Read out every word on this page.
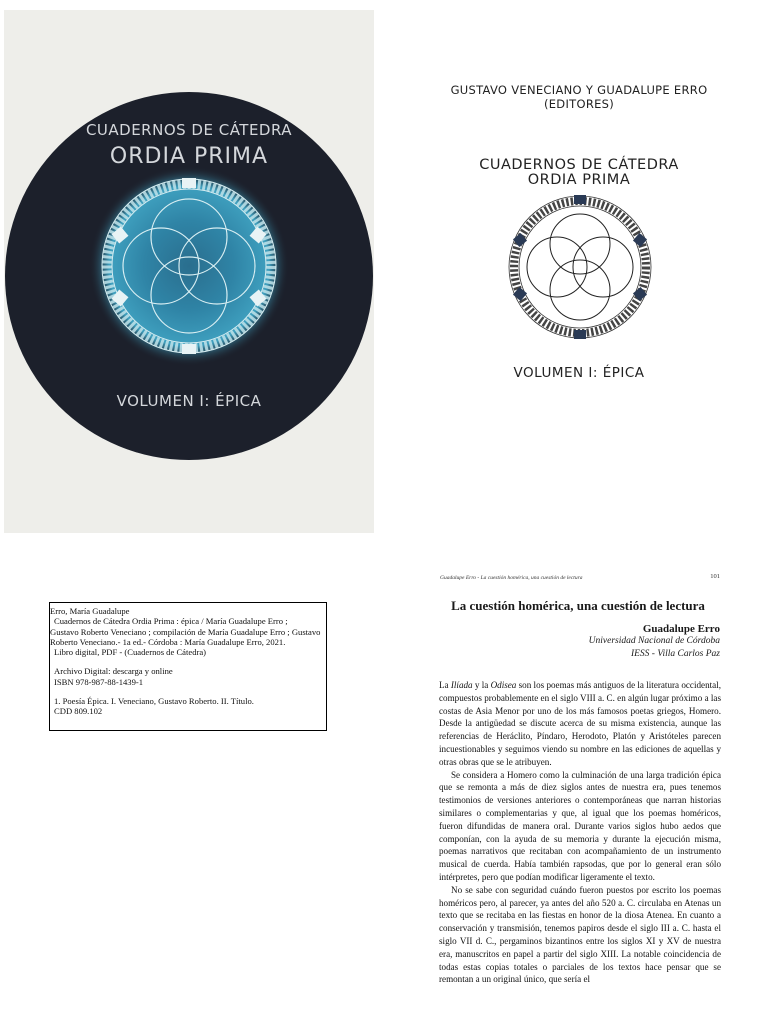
CUADERNOS DE CÁTEDRA
ORDIA PRIMA
VOLUMEN I: ÉPICA
GUSTAVO VENECIANO Y GUADALUPE ERRO
(EDITORES)
CUADERNOS DE CÁTEDRA
ORDIA PRIMA
VOLUMEN I: ÉPICA

Erro, María Guadalupe

Cuadernos de Cátedra Ordia Prima : épica / María Guadalupe Erro ;

Gustavo Roberto Veneciano ; compilación de María Guadalupe Erro ; Gustavo

Roberto Veneciano.- 1a ed.- Córdoba : María Guadalupe Erro, 2021.

Libro digital, PDF - (Cuadernos de Cátedra)

Archivo Digital: descarga y online

ISBN 978-987-88-1439-1

1. Poesía Épica. I. Veneciano, Gustavo Roberto. II. Título.

CDD 809.102

Guadalupe Erro - La cuestión homérica, una cuestión de lectura	101
La cuestión homérica, una cuestión de lectura
Guadalupe Erro
Universidad Nacional de Córdoba
IESS - Villa Carlos Paz

La Ilíada y la Odisea son los poemas más antiguos de la literatura occidental, compuestos probablemente en el siglo VIII a. C. en algún lugar próximo a las costas de Asia Menor por uno de los más famosos poetas griegos, Homero. Desde la antigüedad se discute acerca de su misma existencia, aunque las referencias de Heráclito, Píndaro, Herodoto, Platón y Aristóteles parecen incuestionables y seguimos viendo su nombre en las ediciones de aquellas y otras obras que se le atribuyen.

Se considera a Homero como la culminación de una larga tradición épica que se remonta a más de diez siglos antes de nuestra era, pues tenemos testimonios de versiones anteriores o contemporáneas que narran historias similares o complementarias y que, al igual que los poemas homéricos, fueron difundidas de manera oral. Durante varios siglos hubo aedos que componían, con la ayuda de su memoria y durante la ejecución misma, poemas narrativos que recitaban con acompañamiento de un instrumento musical de cuerda. Había también rapsodas, que por lo general eran sólo intérpretes, pero que podían modificar ligeramente el texto.

No se sabe con seguridad cuándo fueron puestos por escrito los poemas homéricos pero, al parecer, ya antes del año 520 a. C. circulaba en Atenas un texto que se recitaba en las fiestas en honor de la diosa Atenea. En cuanto a conservación y transmisión, tenemos papiros desde el siglo III a. C. hasta el siglo VII d. C., pergaminos bizantinos entre los siglos XI y XV de nuestra era, manuscritos en papel a partir del siglo XIII. La notable coincidencia de todas estas copias totales o parciales de los textos hace pensar que se remontan a un original único, que sería el
